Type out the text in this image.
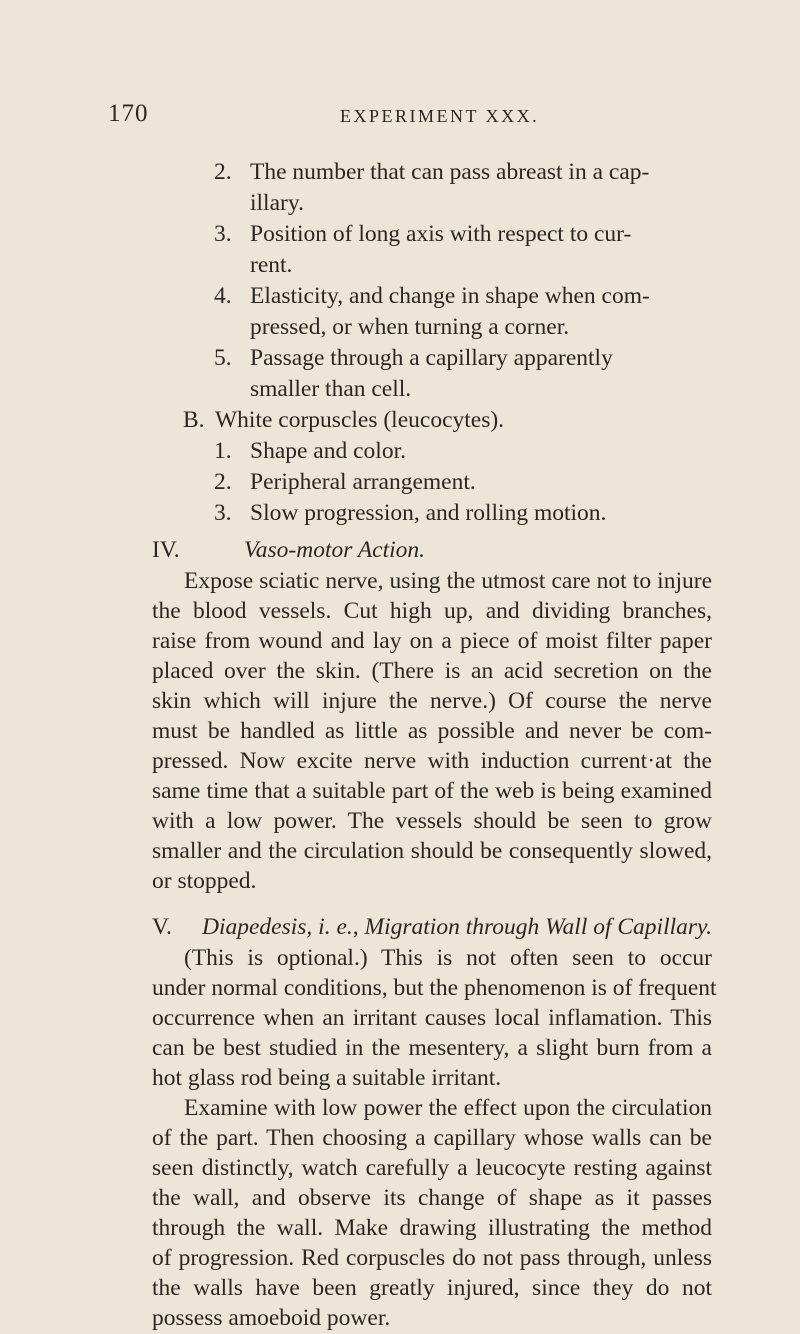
170	EXPERIMENT XXX.
2. The number that can pass abreast in a cap-
illary.
3. Position of long axis with respect to cur-
rent.
4. Elasticity, and change in shape when com-
pressed, or when turning a corner.
5. Passage through a capillary apparently
smaller than cell.
B. White corpuscles (leucocytes).
1. Shape and color.
2. Peripheral arrangement.
3. Slow progression, and rolling motion.
IV.	Vaso-motor Action.
Expose sciatic nerve, using the utmost care not to injure
the blood vessels. Cut high up, and dividing branches,
raise from wound and lay on a piece of moist filter paper
placed over the skin. (There is an acid secretion on the
skin which will injure the nerve.) Of course the nerve
must be handled as little as possible and never be com-
pressed. Now excite nerve with induction current·at the
same time that a suitable part of the web is being examined
with a low power. The vessels should be seen to grow
smaller and the circulation should be consequently slowed,
or stopped.
V. Diapedesis, i. e., Migration through Wall of Capillary.
(This is optional.) This is not often seen to occur
under normal conditions, but the phenomenon is of frequent
occurrence when an irritant causes local inflamation. This
can be best studied in the mesentery, a slight burn from a
hot glass rod being a suitable irritant.
Examine with low power the effect upon the circulation
of the part. Then choosing a capillary whose walls can be
seen distinctly, watch carefully a leucocyte resting against
the wall, and observe its change of shape as it passes
through the wall. Make drawing illustrating the method
of progression. Red corpuscles do not pass through, unless
the walls have been greatly injured, since they do not
possess amoeboid power.
